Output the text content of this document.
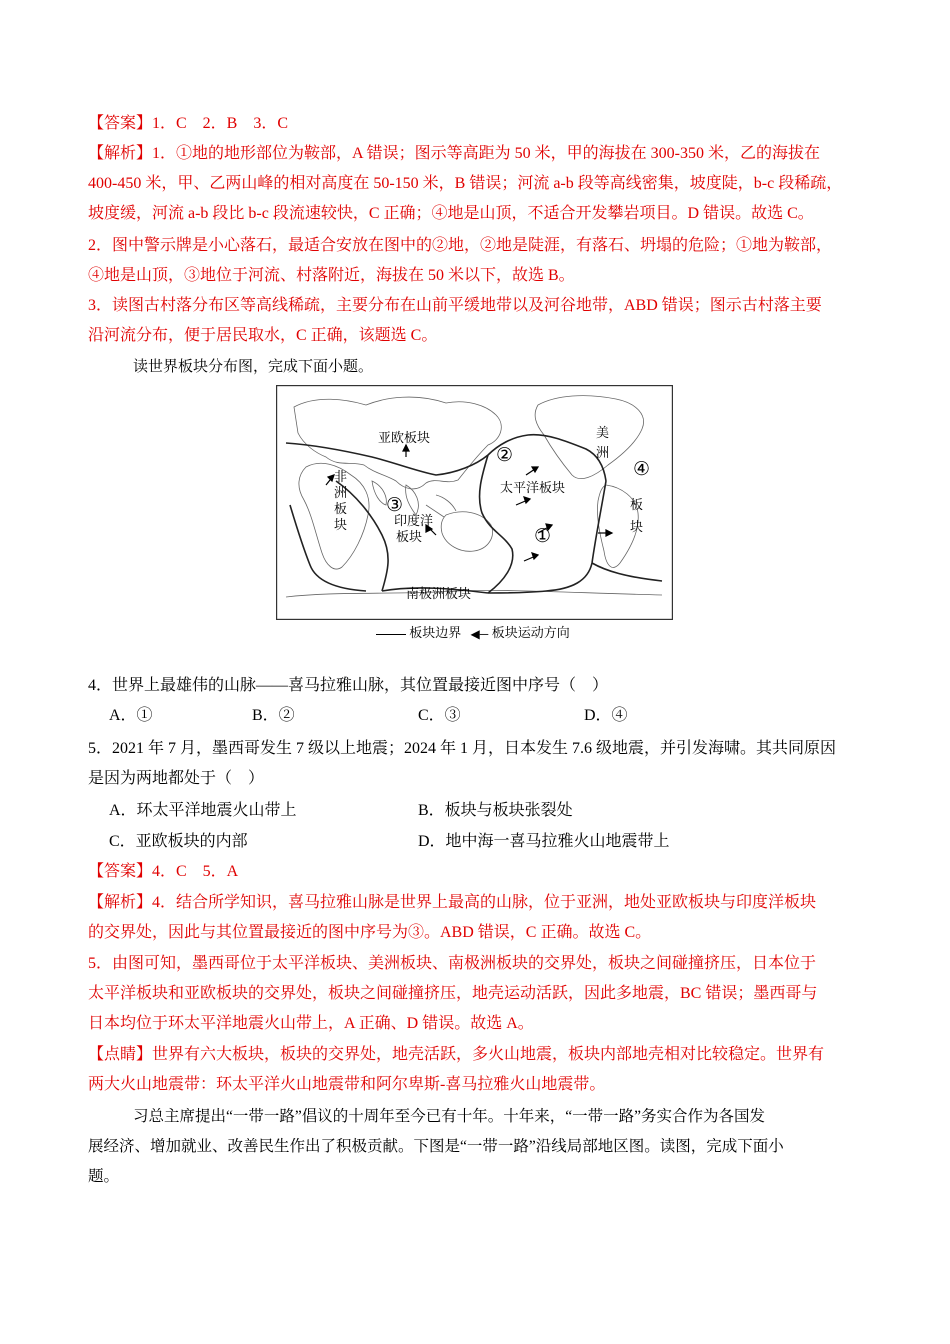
【答案】1．C　2．B　3．C
【解析】1．①地的地形部位为鞍部，A 错误；图示等高距为 50 米，甲的海拔在 300-350 米，乙的海拔在
400-450 米，甲、乙两山峰的相对高度在 50-150 米，B 错误；河流 a-b 段等高线密集，坡度陡，b-c 段稀疏，
坡度缓，河流 a-b 段比 b-c 段流速较快，C 正确；④地是山顶，不适合开发攀岩项目。D 错误。故选 C。
2．图中警示牌是小心落石，最适合安放在图中的②地，②地是陡涯，有落石、坍塌的危险；①地为鞍部，
④地是山顶，③地位于河流、村落附近，海拔在 50 米以下，故选 B。
3．读图古村落分布区等高线稀疏，主要分布在山前平缓地带以及河谷地带，ABD 错误；图示古村落主要
沿河流分布，便于居民取水，C 正确，该题选 C。
读世界板块分布图，完成下面小题。
亚欧板块
非
洲
板
块	印度洋
板块
太平洋板块
美
洲
板
块
南极洲板块
②
③
①
④
板块边界 ◀─ 板块运动方向
4．世界上最雄伟的山脉——喜马拉雅山脉，其位置最接近图中序号（　）
A．①	B．②	C．③	D．④
5．2021 年 7 月，墨西哥发生 7 级以上地震；2024 年 1 月，日本发生 7.6 级地震，并引发海啸。其共同原因
是因为两地都处于（　）
A．环太平洋地震火山带上	B．板块与板块张裂处
C．亚欧板块的内部	D．地中海一喜马拉雅火山地震带上
【答案】4．C　5．A
【解析】4．结合所学知识，喜马拉雅山脉是世界上最高的山脉，位于亚洲，地处亚欧板块与印度洋板块
的交界处，因此与其位置最接近的图中序号为③。ABD 错误，C 正确。故选 C。
5．由图可知，墨西哥位于太平洋板块、美洲板块、南极洲板块的交界处，板块之间碰撞挤压，日本位于
太平洋板块和亚欧板块的交界处，板块之间碰撞挤压，地壳运动活跃，因此多地震，BC 错误；墨西哥与
日本均位于环太平洋地震火山带上，A 正确、D 错误。故选 A。
【点睛】世界有六大板块，板块的交界处，地壳活跃，多火山地震，板块内部地壳相对比较稳定。世界有
两大火山地震带：环太平洋火山地震带和阿尔卑斯-喜马拉雅火山地震带。
习总主席提出“一带一路”倡议的十周年至今已有十年。十年来，“一带一路”务实合作为各国发
展经济、增加就业、改善民生作出了积极贡献。下图是“一带一路”沿线局部地区图。读图，完成下面小
题。
